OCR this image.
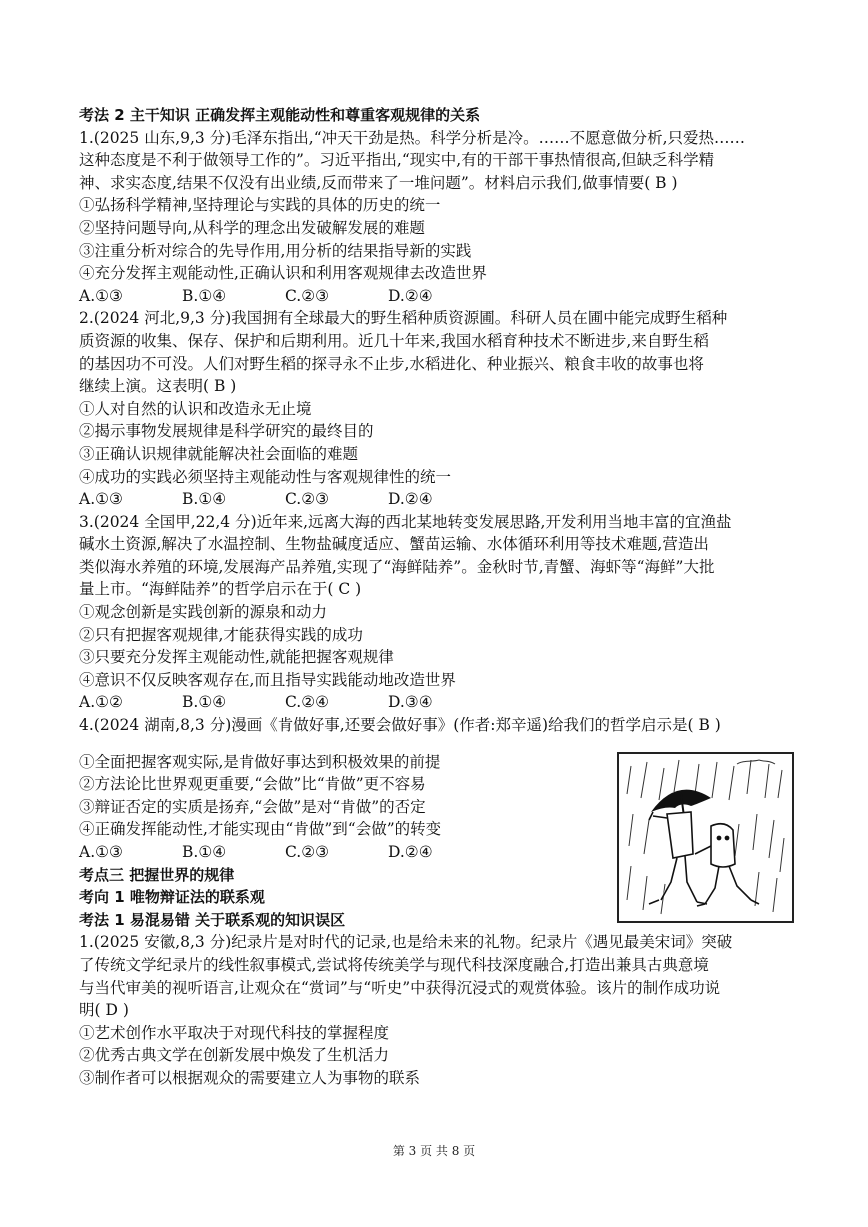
考法 2 主干知识 正确发挥主观能动性和尊重客观规律的关系
1.(2025 山东,9,3 分)毛泽东指出,“冲天干劲是热。科学分析是冷。……不愿意做分析,只爱热……
这种态度是不利于做领导工作的”。习近平指出,“现实中,有的干部干事热情很高,但缺乏科学精
神、求实态度,结果不仅没有出业绩,反而带来了一堆问题”。材料启示我们,做事情要( B )
①弘扬科学精神,坚持理论与实践的具体的历史的统一
②坚持问题导向,从科学的理念出发破解发展的难题
③注重分析对综合的先导作用,用分析的结果指导新的实践
④充分发挥主观能动性,正确认识和利用客观规律去改造世界
A.①③	B.①④	C.②③	D.②④
2.(2024 河北,9,3 分)我国拥有全球最大的野生稻种质资源圃。科研人员在圃中能完成野生稻种
质资源的收集、保存、保护和后期利用。近几十年来,我国水稻育种技术不断进步,来自野生稻
的基因功不可没。人们对野生稻的探寻永不止步,水稻进化、种业振兴、粮食丰收的故事也将
继续上演。这表明( B )
①人对自然的认识和改造永无止境
②揭示事物发展规律是科学研究的最终目的
③正确认识规律就能解决社会面临的难题
④成功的实践必须坚持主观能动性与客观规律性的统一
A.①③	B.①④	C.②③	D.②④
3.(2024 全国甲,22,4 分)近年来,远离大海的西北某地转变发展思路,开发利用当地丰富的宜渔盐
碱水土资源,解决了水温控制、生物盐碱度适应、蟹苗运输、水体循环利用等技术难题,营造出
类似海水养殖的环境,发展海产品养殖,实现了“海鲜陆养”。金秋时节,青蟹、海虾等“海鲜”大批
量上市。“海鲜陆养”的哲学启示在于( C )
①观念创新是实践创新的源泉和动力
②只有把握客观规律,才能获得实践的成功
③只要充分发挥主观能动性,就能把握客观规律
④意识不仅反映客观存在,而且指导实践能动地改造世界
A.①②	B.①④	C.②④	D.③④
4.(2024 湖南,8,3 分)漫画《肯做好事,还要会做好事》(作者:郑辛遥)给我们的哲学启示是( B )
①全面把握客观实际,是肯做好事达到积极效果的前提
②方法论比世界观更重要,“会做”比“肯做”更不容易
③辩证否定的实质是扬弃,“会做”是对“肯做”的否定
④正确发挥能动性,才能实现由“肯做”到“会做”的转变
A.①③	B.①④	C.②③	D.②④
考点三 把握世界的规律
考向 1 唯物辩证法的联系观
考法 1 易混易错 关于联系观的知识误区
1.(2025 安徽,8,3 分)纪录片是对时代的记录,也是给未来的礼物。纪录片《遇见最美宋词》突破
了传统文学纪录片的线性叙事模式,尝试将传统美学与现代科技深度融合,打造出兼具古典意境
与当代审美的视听语言,让观众在“赏词”与“听史”中获得沉浸式的观赏体验。该片的制作成功说
明( D )
①艺术创作水平取决于对现代科技的掌握程度
②优秀古典文学在创新发展中焕发了生机活力
③制作者可以根据观众的需要建立人为事物的联系
第 3 页 共 8 页
